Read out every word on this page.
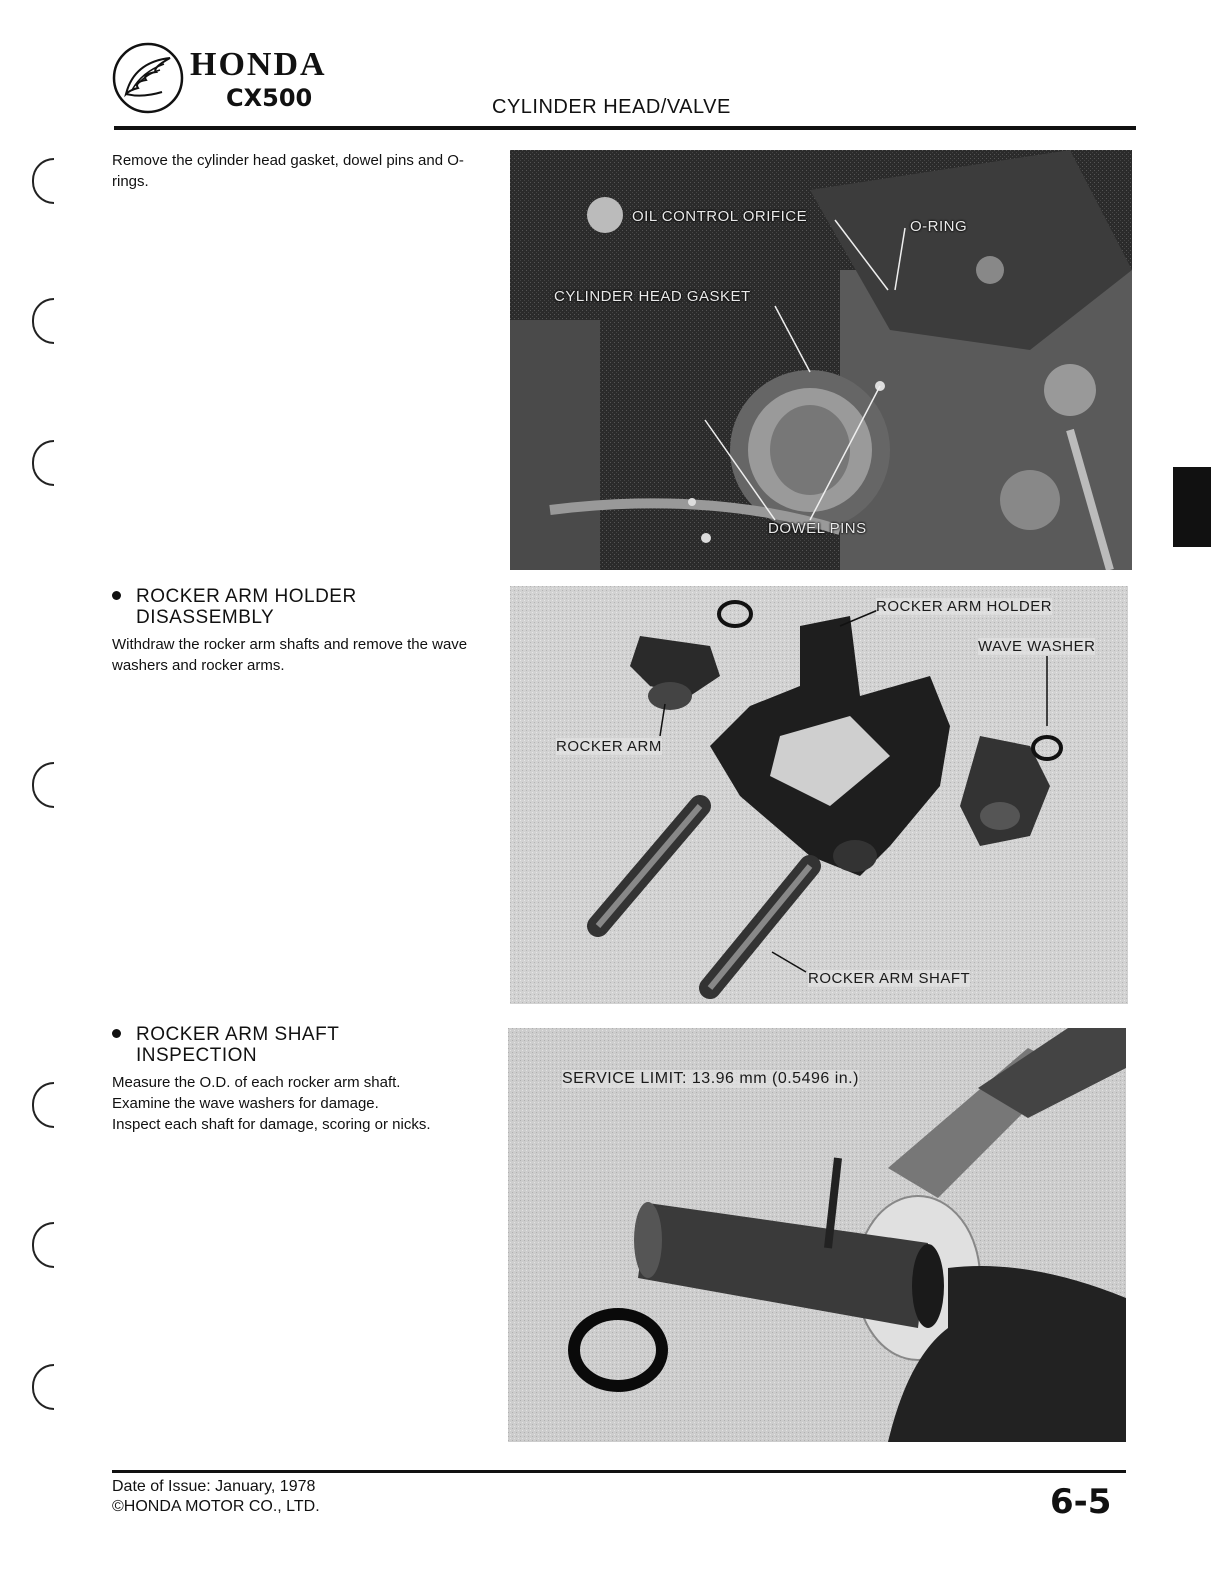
HONDA
CX500	CYLINDER HEAD/VALVE

Remove the cylinder head gasket, dowel pins and O-rings.

OIL CONTROL ORIFICE
O-RING
CYLINDER HEAD GASKET
DOWEL PINS
ROCKER ARM HOLDER
DISASSEMBLY

Withdraw the rocker arm shafts and remove the wave washers and rocker arms.

ROCKER ARM HOLDER
WAVE WASHER
ROCKER ARM
ROCKER ARM SHAFT
ROCKER ARM SHAFT
INSPECTION

Measure the O.D. of each rocker arm shaft.

Examine the wave washers for damage.

Inspect each shaft for damage, scoring or nicks.

SERVICE LIMIT: 13.96 mm (0.5496 in.)
Date of Issue: January, 1978
©HONDA MOTOR CO., LTD.	6-5
